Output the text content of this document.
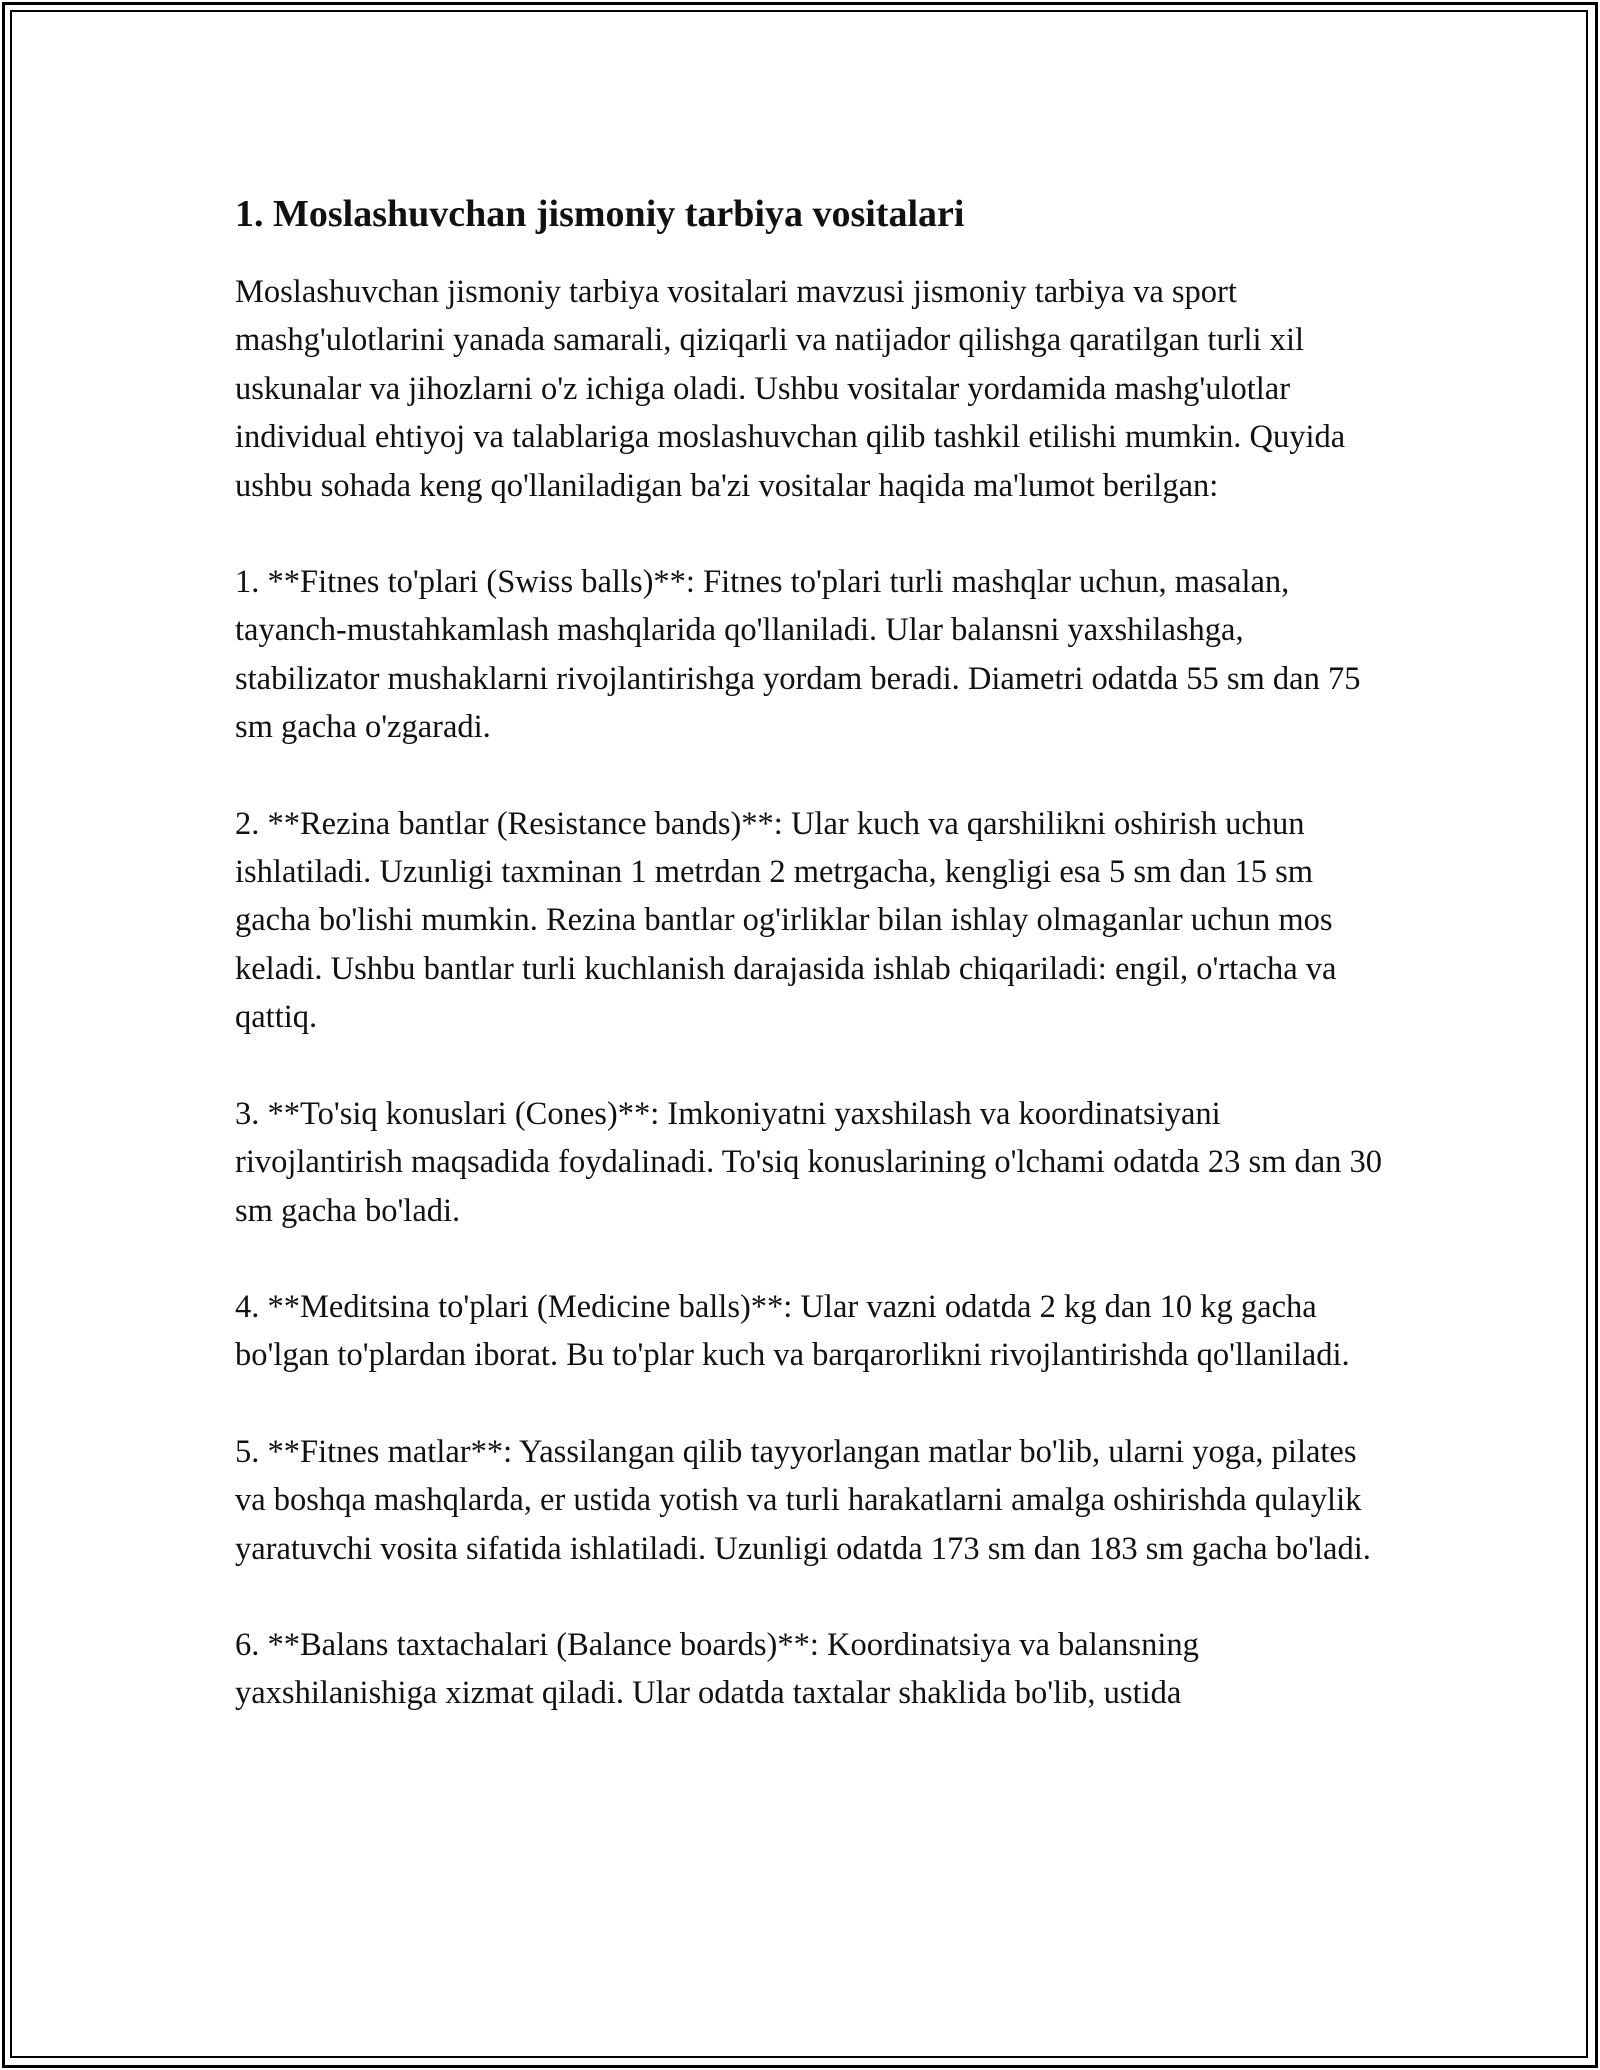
1. Moslashuvchan jismoniy tarbiya vositalari

Moslashuvchan jismoniy tarbiya vositalari mavzusi jismoniy tarbiya va sport mashg'ulotlarini yanada samarali, qiziqarli va natijador qilishga qaratilgan turli xil uskunalar va jihozlarni o'z ichiga oladi. Ushbu vositalar yordamida mashg'ulotlar individual ehtiyoj va talablariga moslashuvchan qilib tashkil etilishi mumkin. Quyida ushbu sohada keng qo'llaniladigan ba'zi vositalar haqida ma'lumot berilgan:

1. **Fitnes to'plari (Swiss balls)**: Fitnes to'plari turli mashqlar uchun, masalan, tayanch-mustahkamlash mashqlarida qo'llaniladi. Ular balansni yaxshilashga, stabilizator mushaklarni rivojlantirishga yordam beradi. Diametri odatda 55 sm dan 75 sm gacha o'zgaradi.

2. **Rezina bantlar (Resistance bands)**: Ular kuch va qarshilikni oshirish uchun ishlatiladi. Uzunligi taxminan 1 metrdan 2 metrgacha, kengligi esa 5 sm dan 15 sm gacha bo'lishi mumkin. Rezina bantlar og'irliklar bilan ishlay olmaganlar uchun mos keladi. Ushbu bantlar turli kuchlanish darajasida ishlab chiqariladi: engil, o'rtacha va qattiq.

3. **To'siq konuslari (Cones)**: Imkoniyatni yaxshilash va koordinatsiyani rivojlantirish maqsadida foydalinadi. To'siq konuslarining o'lchami odatda 23 sm dan 30 sm gacha bo'ladi.

4. **Meditsina to'plari (Medicine balls)**: Ular vazni odatda 2 kg dan 10 kg gacha bo'lgan to'plardan iborat. Bu to'plar kuch va barqarorlikni rivojlantirishda qo'llaniladi.

5. **Fitnes matlar**: Yassilangan qilib tayyorlangan matlar bo'lib, ularni yoga, pilates va boshqa mashqlarda, er ustida yotish va turli harakatlarni amalga oshirishda qulaylik yaratuvchi vosita sifatida ishlatiladi. Uzunligi odatda 173 sm dan 183 sm gacha bo'ladi.

6. **Balans taxtachalari (Balance boards)**: Koordinatsiya va balansning yaxshilanishiga xizmat qiladi. Ular odatda taxtalar shaklida bo'lib, ustida
